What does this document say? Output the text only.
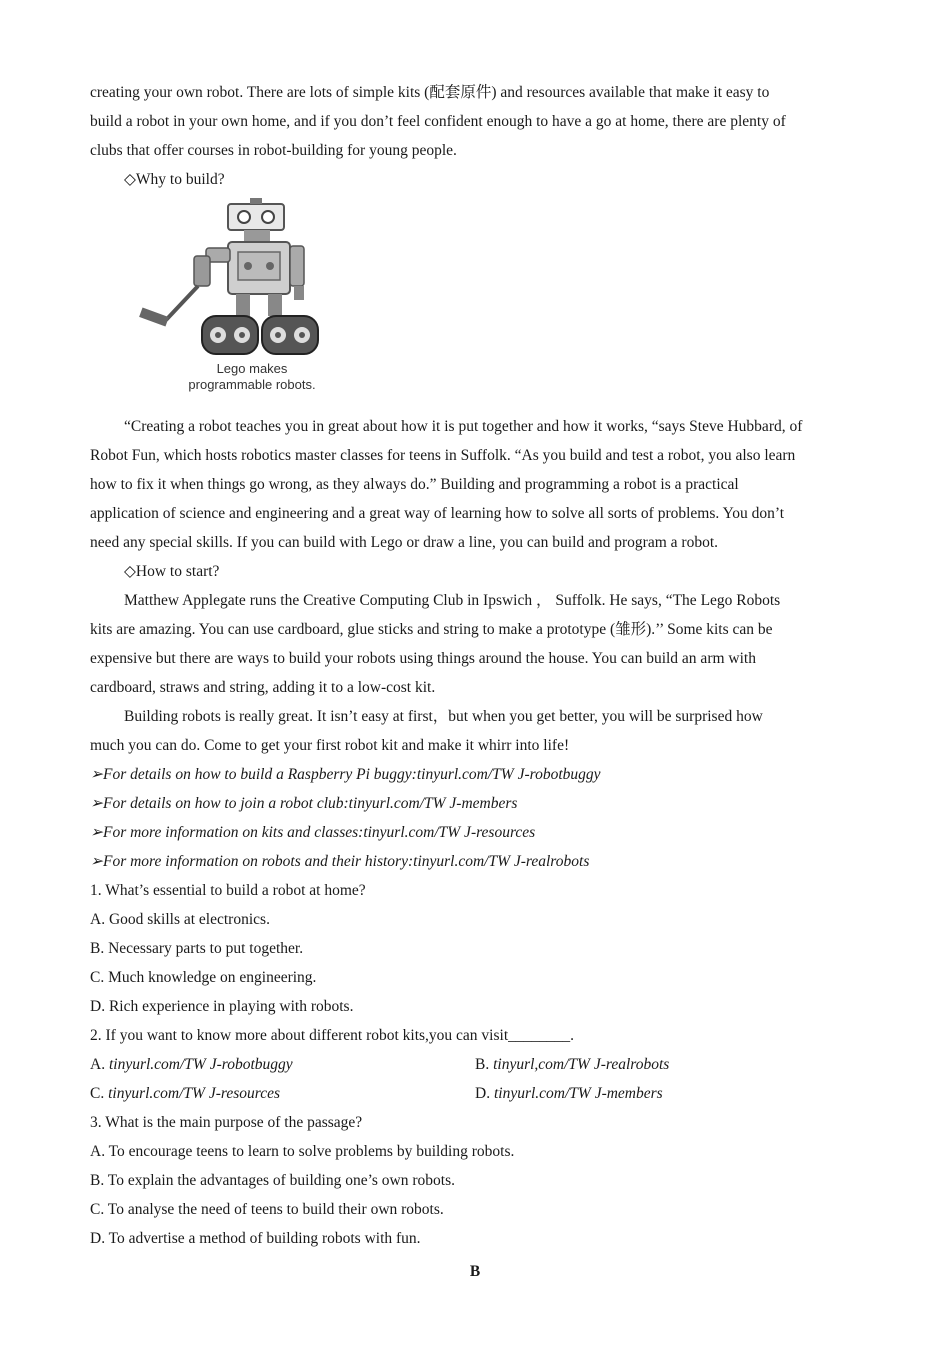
creating your own robot. There are lots of simple kits (配套原件) and resources available that make it easy to
build a robot in your own home, and if you don’t feel confident enough to have a go at home, there are plenty of
clubs that offer courses in robot-building for young people.
◇Why to build?
Lego makes
programmable robots.
“Creating a robot teaches you in great about how it is put together and how it works, “says Steve Hubbard, of
Robot Fun, which hosts robotics master classes for teens in Suffolk. “As you build and test a robot, you also learn
how to fix it when things go wrong, as they always do.” Building and programming a robot is a practical
application of science and engineering and a great way of learning how to solve all sorts of problems. You don’t
need any special skills. If you can build with Lego or draw a line, you can build and program a robot.
◇How to start?
Matthew Applegate runs the Creative Computing Club in Ipswich ， Suffolk. He says, “The Lego Robots
kits are amazing. You can use cardboard, glue sticks and string to make a prototype (雏形).’’ Some kits can be
expensive but there are ways to build your robots using things around the house. You can build an arm with
cardboard, straws and string, adding it to a low-cost kit.
Building robots is really great. It isn’t easy at first，but when you get better, you will be surprised how
much you can do. Come to get your first robot kit and make it whirr into life!
➢For details on how to build a Raspberry Pi buggy:tinyurl.com/TW J-robotbuggy
➢For details on how to join a robot club:tinyurl.com/TW J-members
➢For more information on kits and classes:tinyurl.com/TW J-resources
➢For more information on robots and their history:tinyurl.com/TW J-realrobots
1. What’s essential to build a robot at home?
A. Good skills at electronics.
B. Necessary parts to put together.
C. Much knowledge on engineering.
D. Rich experience in playing with robots.
2. If you want to know more about different robot kits,you can visit________.
A. tinyurl.com/TW J-robotbuggy	B. tinyurl,com/TW J-realrobots
C. tinyurl.com/TW J-resources	D. tinyurl.com/TW J-members
3. What is the main purpose of the passage?
A. To encourage teens to learn to solve problems by building robots.
B. To explain the advantages of building one’s own robots.
C. To analyse the need of teens to build their own robots.
D. To advertise a method of building robots with fun.
B
